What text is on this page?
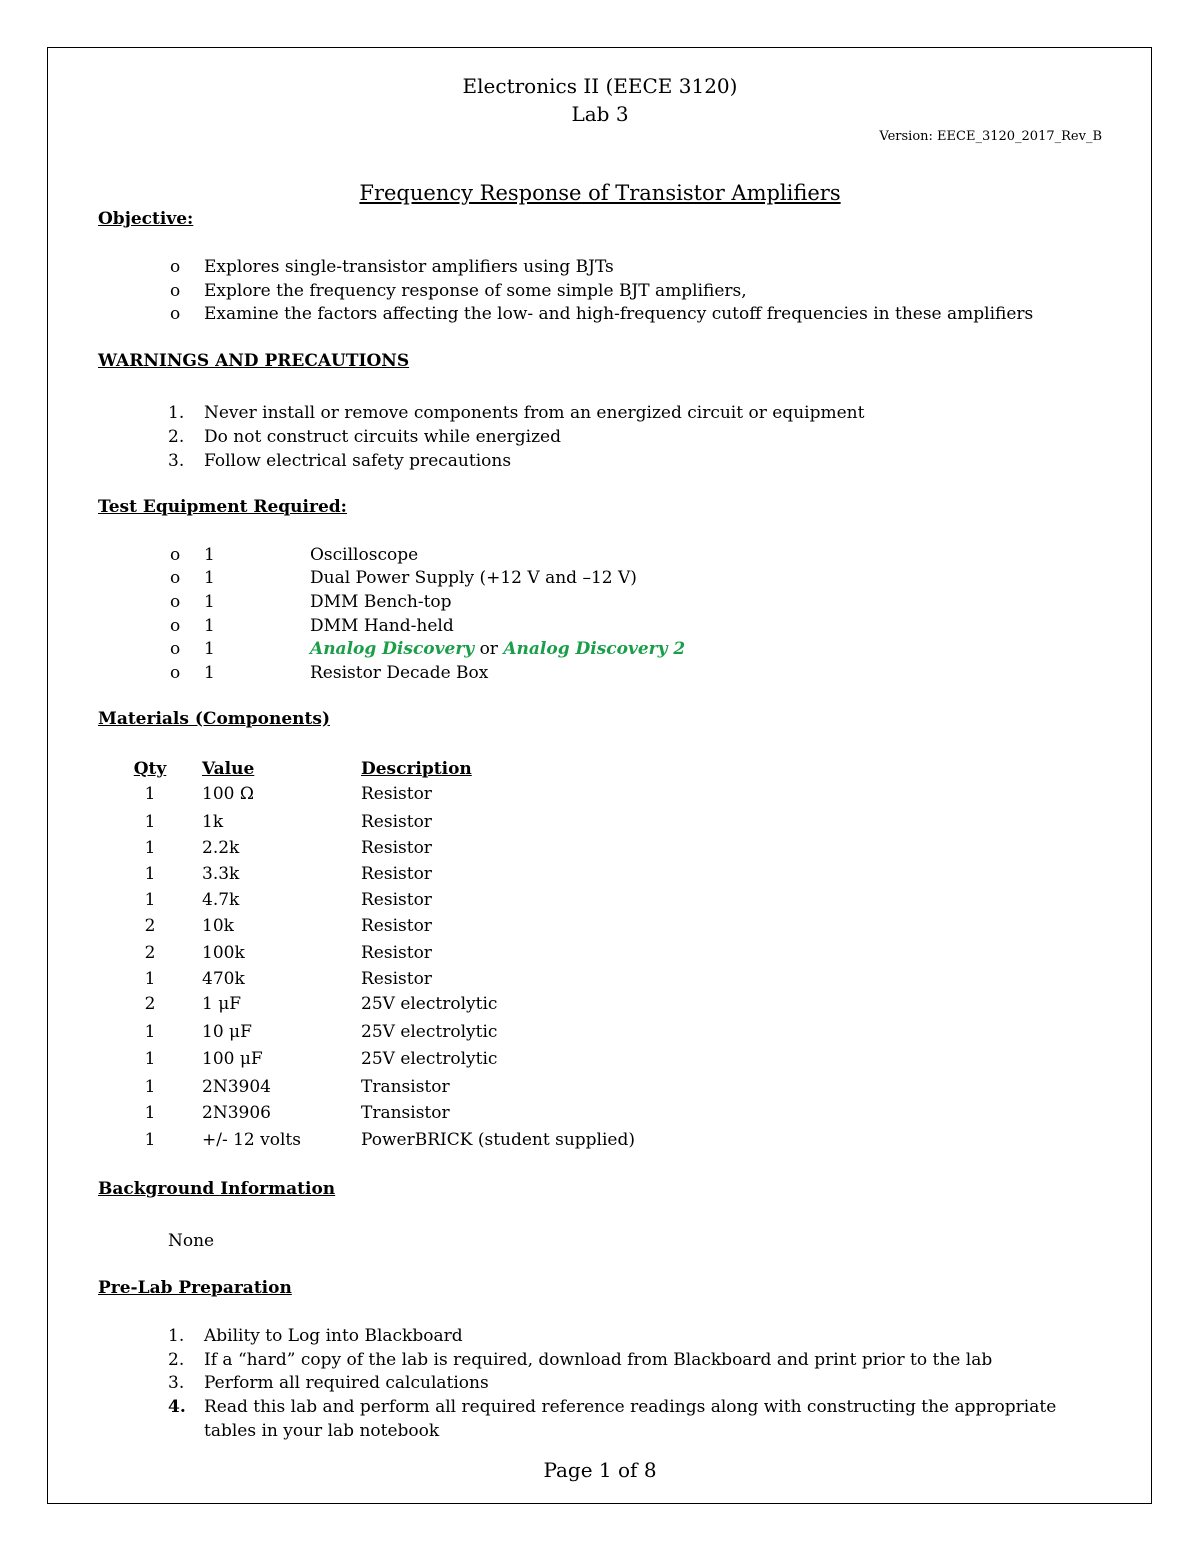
Electronics II (EECE 3120)
Lab 3
Version: EECE_3120_2017_Rev_B
Frequency Response of Transistor Amplifiers
Objective:
o Explores single-transistor amplifiers using BJTs
o Explore the frequency response of some simple BJT amplifiers,
o Examine the factors affecting the low- and high-frequency cutoff frequencies in these amplifiers
WARNINGS AND PRECAUTIONS
1. Never install or remove components from an energized circuit or equipment
2. Do not construct circuits while energized
3. Follow electrical safety precautions
Test Equipment Required:
o 1	Oscilloscope
o 1	Dual Power Supply (+12 V and –12 V)
o 1	DMM Bench-top
o 1	DMM Hand-held
o 1	Analog Discovery or Analog Discovery 2
o 1	Resistor Decade Box
Materials (Components)
Qty Value	Description
1	100 Ω	Resistor
1	1k	Resistor
1	2.2k	Resistor
1	3.3k	Resistor
1	4.7k	Resistor
2	10k	Resistor
2	100k	Resistor
1	470k	Resistor
2	1 μF	25V electrolytic
1	10 μF	25V electrolytic
1	100 μF	25V electrolytic
1	2N3904	Transistor
1	2N3906	Transistor
1	+/- 12 volts	PowerBRICK (student supplied)
Background Information
None
Pre-Lab Preparation
1. Ability to Log into Blackboard
2. If a “hard” copy of the lab is required, download from Blackboard and print prior to the lab
3. Perform all required calculations
4. Read this lab and perform all required reference readings along with constructing the appropriate
tables in your lab notebook
Page 1 of 8
